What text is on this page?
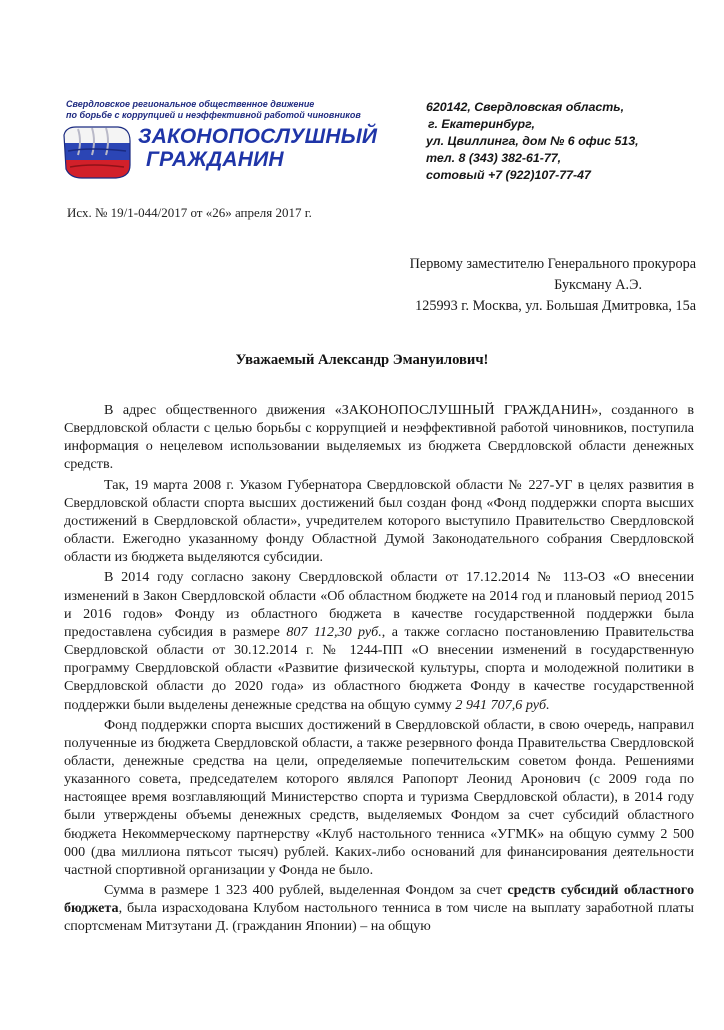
Свердловское региональное общественное движение
по борьбе с коррупцией и неэффективной работой чиновников
ЗАКОНОПОСЛУШНЫЙ
ГРАЖДАНИН
620142, Свердловская область,
г. Екатеринбург,
ул. Цвиллинга, дом № 6 офис 513,
тел. 8 (343) 382-61-77,
сотовый +7 (922)107-77-47
Исх. № 19/1-044/2017 от «26» апреля 2017 г.
Первому заместителю Генерального прокурора
Буксману А.Э.
125993 г. Москва, ул. Большая Дмитровка, 15а
Уважаемый Александр Эмануилович!

В адрес общественного движения «ЗАКОНОПОСЛУШНЫЙ ГРАЖДАНИН», созданного в Свердловской области с целью борьбы с коррупцией и неэффективной работой чиновников, поступила информация о нецелевом использовании выделяемых из бюджета Свердловской области денежных средств.

Так, 19 марта 2008 г. Указом Губернатора Свердловской области № 227-УГ в целях развития в Свердловской области спорта высших достижений был создан фонд «Фонд поддержки спорта высших достижений в Свердловской области», учредителем которого выступило Правительство Свердловской области. Ежегодно указанному фонду Областной Думой Законодательного собрания Свердловской области из бюджета выделяются субсидии.

В 2014 году согласно закону Свердловской области от 17.12.2014 № 113-ОЗ «О внесении изменений в Закон Свердловской области «Об областном бюджете на 2014 год и плановый период 2015 и 2016 годов» Фонду из областного бюджета в качестве государственной поддержки была предоставлена субсидия в размере 807 112,30 руб., а также согласно постановлению Правительства Свердловской области от 30.12.2014 г. № 1244-ПП «О внесении изменений в государственную программу Свердловской области «Развитие физической культуры, спорта и молодежной политики в Свердловской области до 2020 года» из областного бюджета Фонду в качестве государственной поддержки были выделены денежные средства на общую сумму 2 941 707,6 руб.

Фонд поддержки спорта высших достижений в Свердловской области, в свою очередь, направил полученные из бюджета Свердловской области, а также резервного фонда Правительства Свердловской области, денежные средства на цели, определяемые попечительским советом фонда. Решениями указанного совета, председателем которого являлся Рапопорт Леонид Аронович (с 2009 года по настоящее время возглавляющий Министерство спорта и туризма Свердловской области), в 2014 году были утверждены объемы денежных средств, выделяемых Фондом за счет субсидий областного бюджета Некоммерческому партнерству «Клуб настольного тенниса «УГМК» на общую сумму 2 500 000 (два миллиона пятьсот тысяч) рублей. Каких-либо оснований для финансирования деятельности частной спортивной организации у Фонда не было.

Сумма в размере 1 323 400 рублей, выделенная Фондом за счет средств субсидий областного бюджета, была израсходована Клубом настольного тенниса в том числе на выплату заработной платы спортсменам Митзутани Д. (гражданин Японии) – на общую
